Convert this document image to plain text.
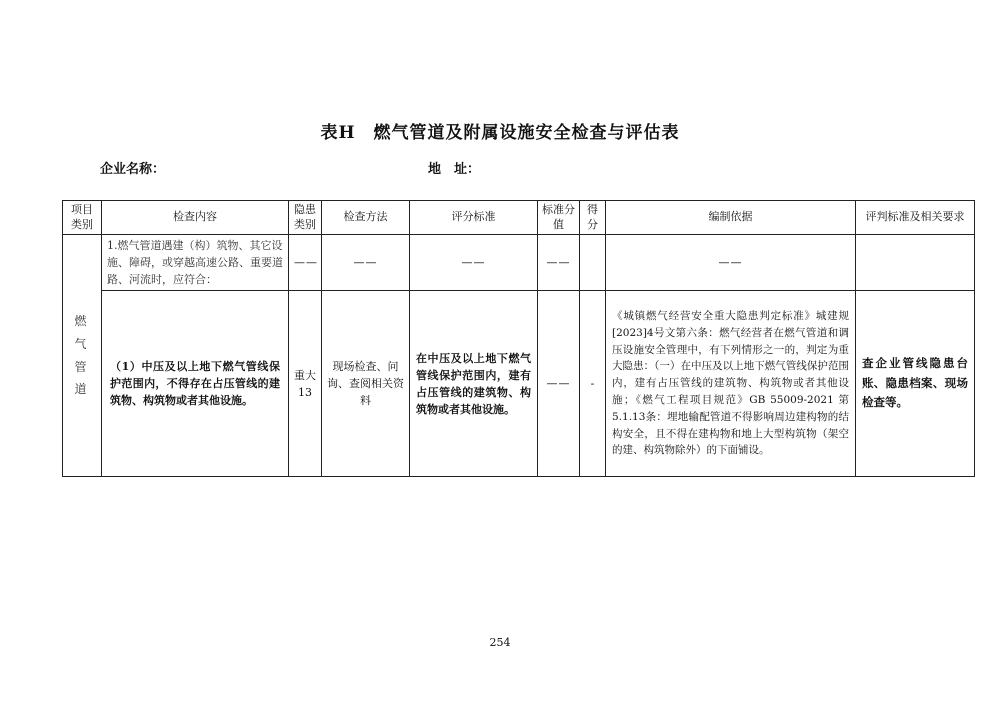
表H　燃气管道及附属设施安全检查与评估表
企业名称：	地　址：
项目类别	检查内容	隐患类别	检查方法	评分标准	标准分值	得分	编制依据	评判标准及相关要求
燃气管道	1.燃气管道遇建（构）筑物、其它设施、障碍，或穿越高速公路、重要道路、河流时，应符合：	——	——	——	——		——	
	（1）中压及以上地下燃气管线保护范围内，不得存在占压管线的建筑物、构筑物或者其他设施。	重大13	现场检查、问询、查阅相关资料	在中压及以上地下燃气管线保护范围内，建有占压管线的建筑物、构筑物或者其他设施。	——	-	《城镇燃气经营安全重大隐患判定标准》城建规[2023]4号文第六条：燃气经营者在燃气管道和调压设施安全管理中，有下列情形之一的，判定为重大隐患：（一）在中压及以上地下燃气管线保护范围内，建有占压管线的建筑物、构筑物或者其他设施；《燃气工程项目规范》GB 55009-2021 第5.1.13条：埋地输配管道不得影响周边建构物的结构安全，且不得在建构物和地上大型构筑物（架空的建、构筑物除外）的下面铺设。	查企业管线隐患台账、隐患档案、现场检查等。
254
